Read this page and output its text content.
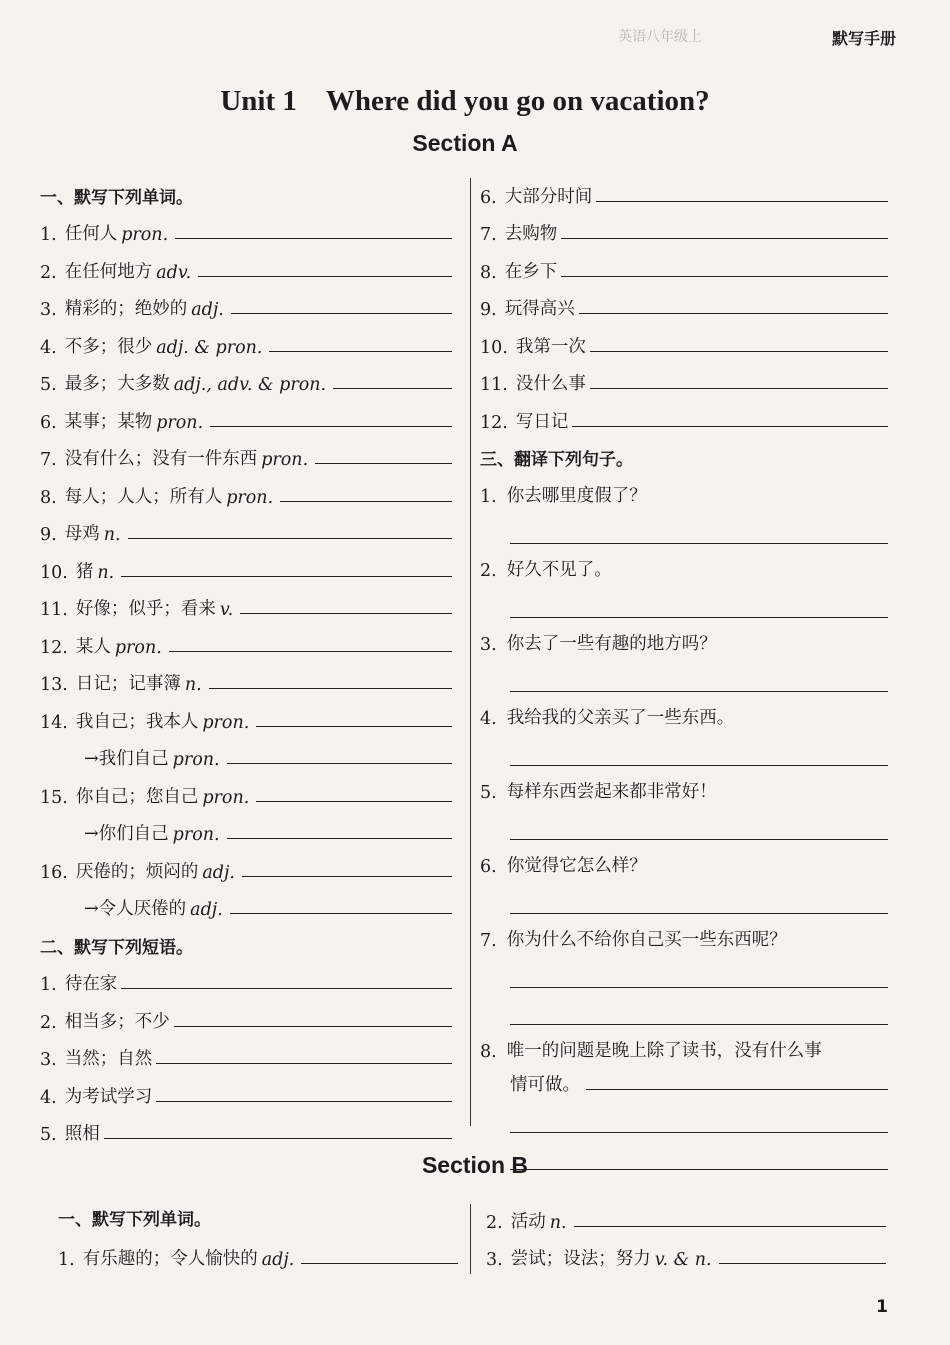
英语八年级上	默写手册
Unit 1　Where did you go on vacation?
Section A
一、默写下列单词。
1. 任何人 pron.
2. 在任何地方 adv.
3. 精彩的；绝妙的 adj.
4. 不多；很少 adj. & pron.
5. 最多；大多数 adj., adv. & pron.
6. 某事；某物 pron.
7. 没有什么；没有一件东西 pron.
8. 每人；人人；所有人 pron.
9. 母鸡 n.
10. 猪 n.
11. 好像；似乎；看来 v.
12. 某人 pron.
13. 日记；记事簿 n.
14. 我自己；我本人 pron.
→我们自己 pron.
15. 你自己；您自己 pron.
→你们自己 pron.
16. 厌倦的；烦闷的 adj.
→令人厌倦的 adj.
二、默写下列短语。
1. 待在家
2. 相当多；不少
3. 当然；自然
4. 为考试学习
5. 照相
6. 大部分时间
7. 去购物
8. 在乡下
9. 玩得高兴
10. 我第一次
11. 没什么事
12. 写日记
三、翻译下列句子。
1. 你去哪里度假了？
2. 好久不见了。
3. 你去了一些有趣的地方吗？
4. 我给我的父亲买了一些东西。
5. 每样东西尝起来都非常好！
6. 你觉得它怎么样？
7. 你为什么不给你自己买一些东西呢？
8. 唯一的问题是晚上除了读书，没有什么事
情可做。
Section B
一、默写下列单词。
1. 有乐趣的；令人愉快的 adj.
2. 活动 n.
3. 尝试；设法；努力 v. & n.
1
